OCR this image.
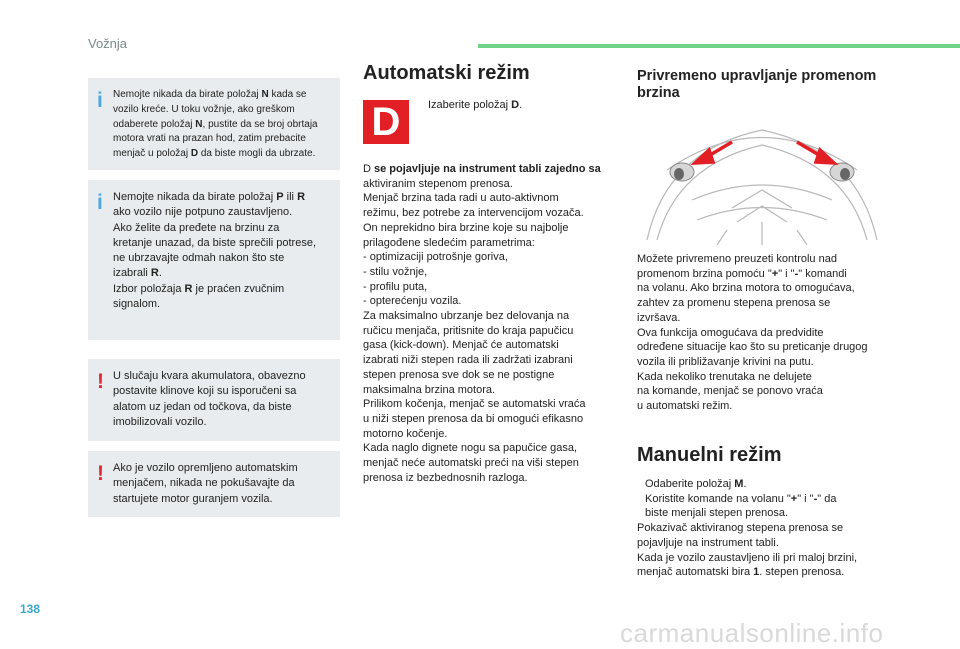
Vožnja
i Nemojte nikada da birate položaj N kada se
vozilo kreće. U toku vožnje, ako greškom
odaberete položaj N, pustite da se broj obrtaja
motora vrati na prazan hod, zatim prebacite
menjač u položaj D da biste mogli da ubrzate.
i Nemojte nikada da birate položaj P ili R
ako vozilo nije potpuno zaustavljeno.
Ako želite da pređete na brzinu za
kretanje unazad, da biste sprečili potrese,
ne ubrzavajte odmah nakon što ste
izabrali R.
Izbor položaja R je praćen zvučnim
signalom.
! U slučaju kvara akumulatora, obavezno
postavite klinove koji su isporučeni sa
alatom uz jedan od točkova, da biste
imobilizovali vozilo.
! Ako je vozilo opremljeno automatskim
menjačem, nikada ne pokušavajte da
startujete motor guranjem vozila.
Automatski režim
D	Izaberite položaj D.
D se pojavljuje na instrument tabli zajedno sa
aktiviranim stepenom prenosa.
Menjač brzina tada radi u auto-aktivnom
režimu, bez potrebe za intervencijom vozača.
On neprekidno bira brzine koje su najbolje
prilagođene sledećim parametrima:
- optimizaciji potrošnje goriva,
- stilu vožnje,
- profilu puta,
- opterećenju vozila.
Za maksimalno ubrzanje bez delovanja na
ručicu menjača, pritisnite do kraja papučicu
gasa (kick-down). Menjač će automatski
izabrati niži stepen rada ili zadržati izabrani
stepen prenosa sve dok se ne postigne
maksimalna brzina motora.
Prilikom kočenja, menjač se automatski vraća
u niži stepen prenosa da bi omogući efikasno
motorno kočenje.
Kada naglo dignete nogu sa papučice gasa,
menjač neće automatski preći na viši stepen
prenosa iz bezbednosnih razloga.
Privremeno upravljanje promenom
brzina
Možete privremeno preuzeti kontrolu nad
promenom brzina pomoću "+" i "-" komandi
na volanu. Ako brzina motora to omogućava,
zahtev za promenu stepena prenosa se
izvršava.
Ova funkcija omogućava da predvidite
određene situacije kao što su preticanje drugog
vozila ili približavanje krivini na putu.
Kada nekoliko trenutaka ne delujete
na komande, menjač se ponovo vraća
u automatski režim.
Manuelni režim
Odaberite položaj M.
Koristite komande na volanu "+" i "-" da
biste menjali stepen prenosa.
Pokazivač aktiviranog stepena prenosa se
pojavljuje na instrument tabli.
Kada je vozilo zaustavljeno ili pri maloj brzini,
menjač automatski bira 1. stepen prenosa.
138
carmanualsonline.info
